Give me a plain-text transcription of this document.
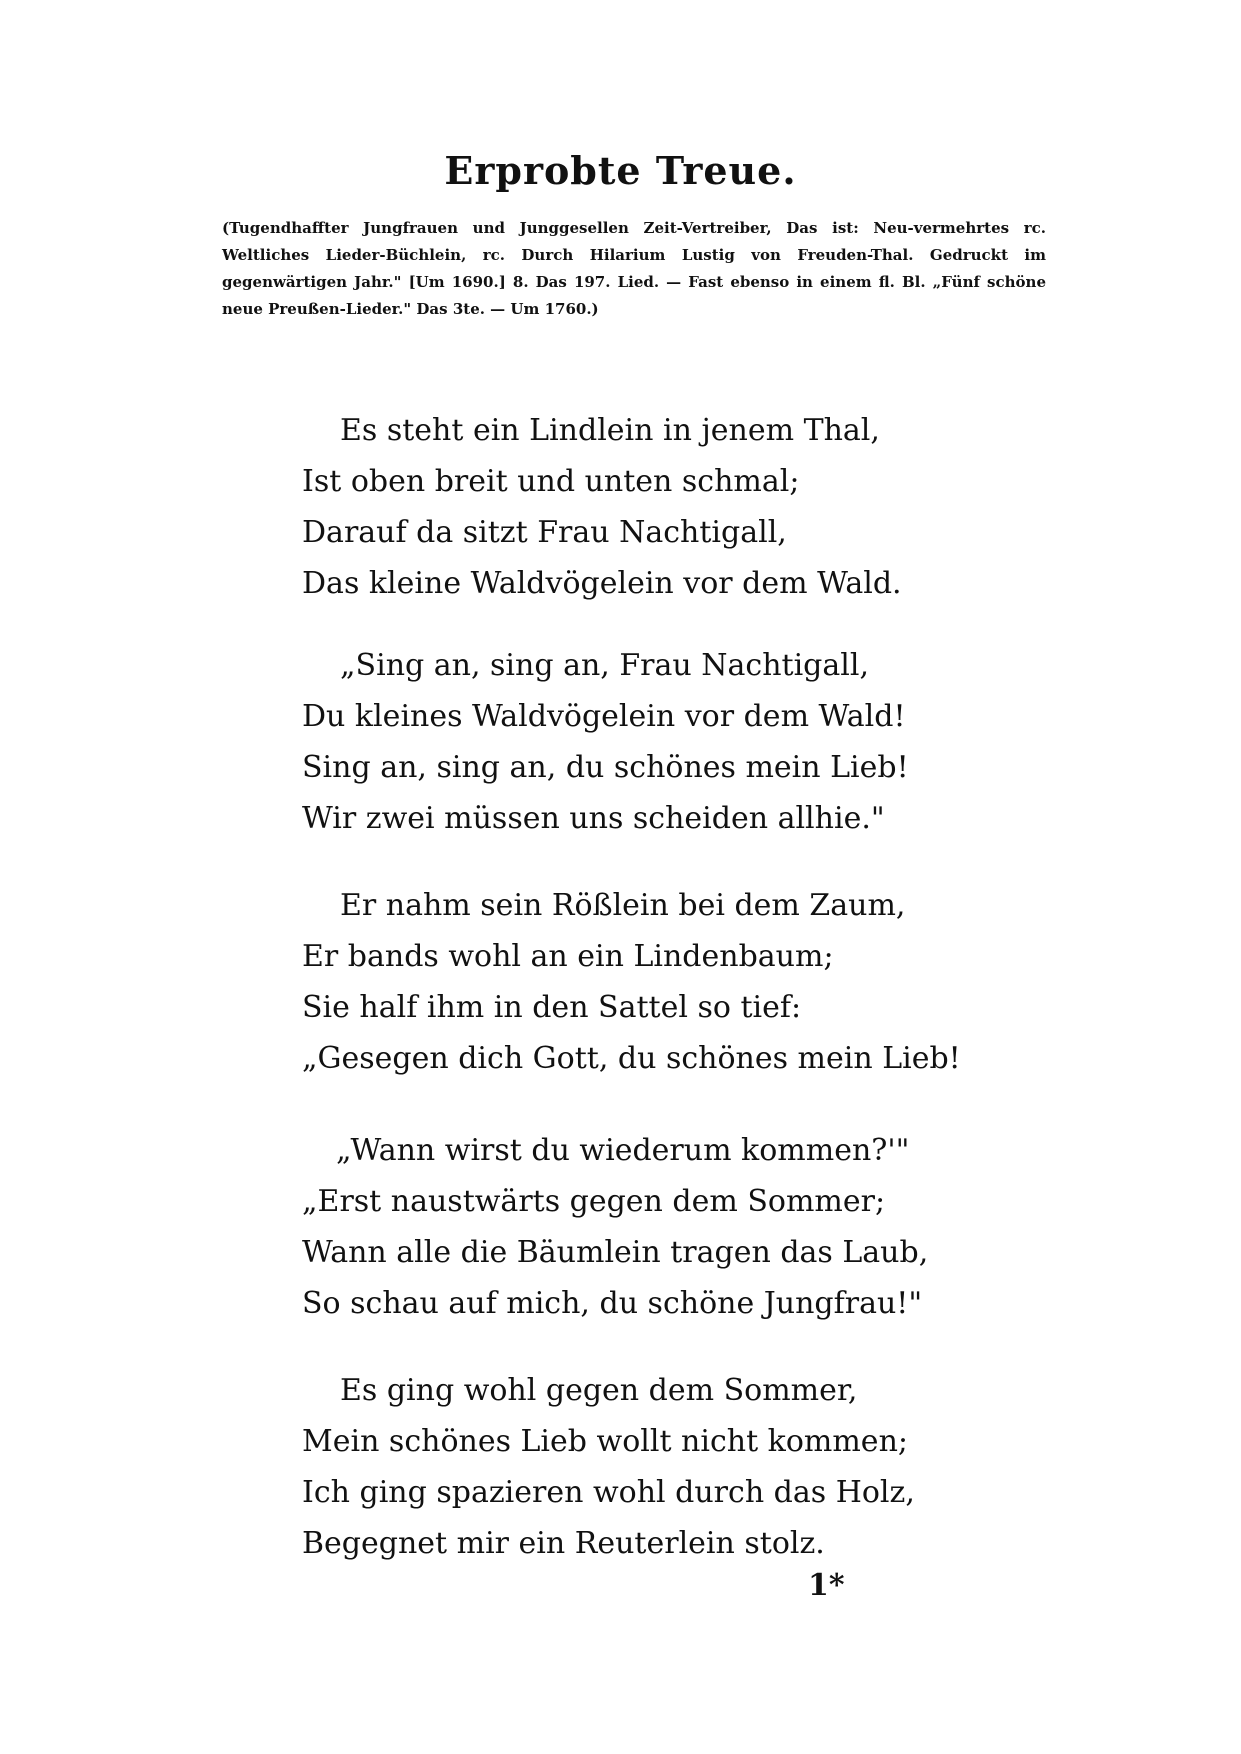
Erprobte Treue.

(Tugendhaffter Jungfrauen und Junggesellen Zeit-Vertreiber, Das ist: Neu-vermehrtes rc. Weltliches Lieder-Büchlein, rc. Durch Hilarium Lustig von Freuden-Thal. Gedruckt im gegenwärtigen Jahr." [Um 1690.] 8. Das 197. Lied. — Fast ebenso in einem fl. Bl. „Fünf schöne neue Preußen-Lieder." Das 3te. — Um 1760.)

Es steht ein Lindlein in jenem Thal,
Ist oben breit und unten schmal;
Darauf da sitzt Frau Nachtigall,
Das kleine Waldvögelein vor dem Wald.
„Sing an, sing an, Frau Nachtigall,
Du kleines Waldvögelein vor dem Wald!
Sing an, sing an, du schönes mein Lieb!
Wir zwei müssen uns scheiden allhie."
Er nahm sein Rößlein bei dem Zaum,
Er bands wohl an ein Lindenbaum;
Sie half ihm in den Sattel so tief:
„Gesegen dich Gott, du schönes mein Lieb!
„Wann wirst du wiederum kommen?'"
„Erst naustwärts gegen dem Sommer;
Wann alle die Bäumlein tragen das Laub,
So schau auf mich, du schöne Jungfrau!"
Es ging wohl gegen dem Sommer,
Mein schönes Lieb wollt nicht kommen;
Ich ging spazieren wohl durch das Holz,
Begegnet mir ein Reuterlein stolz.
1*
